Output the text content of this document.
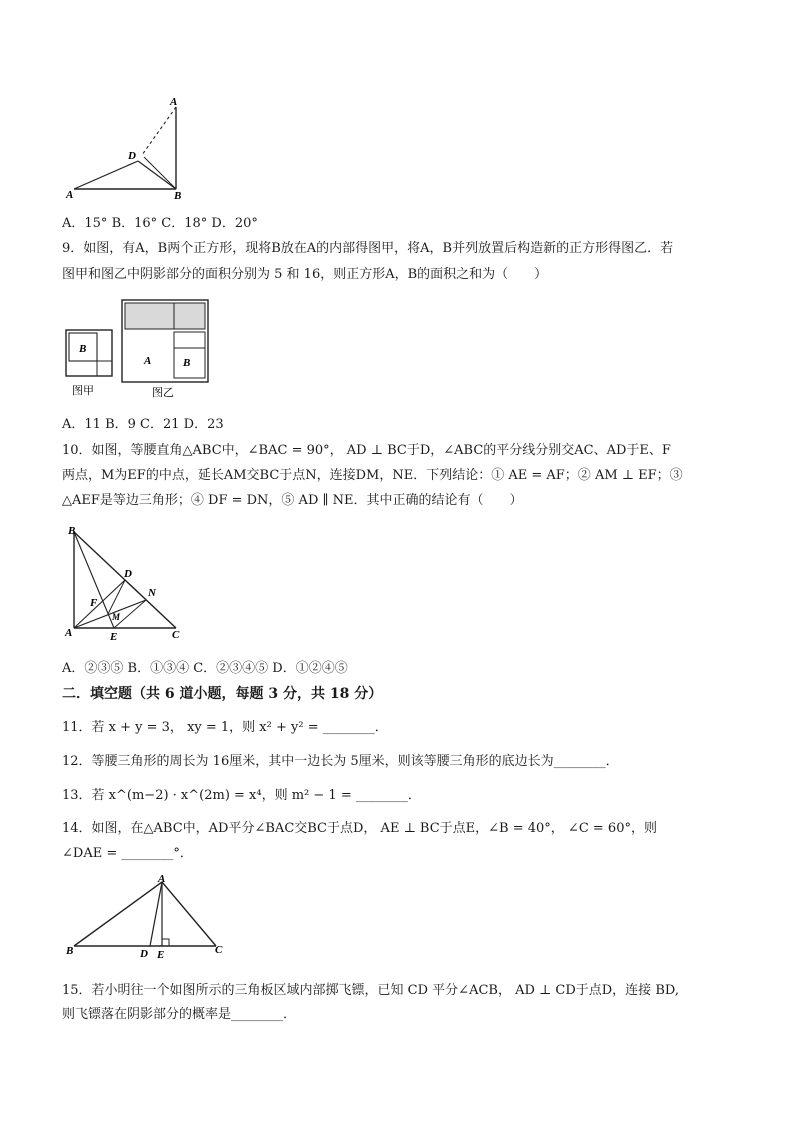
A
D
A	B
A．15° B．16° C．18° D．20°
9．如图，有A，B两个正方形，现将B放在A的内部得图甲，将A，B并列放置后构造新的正方形得图乙．若
图甲和图乙中阴影部分的面积分别为 5 和 16，则正方形A，B的面积之和为（　　）
B
图甲
A	B
图乙
A．11 B．9 C．21 D．23
10．如图，等腰直角△ABC中，∠BAC = 90°， AD ⊥ BC于D，∠ABC的平分线分别交AC、AD于E、F
两点，M为EF的中点，延长AM交BC于点N，连接DM，NE．下列结论：① AE = AF；② AM ⊥ EF；③
△AEF是等边三角形；④ DF = DN，⑤ AD ∥ NE．其中正确的结论有（　　）
B
D
N
F
M
A	E	C
A．②③⑤ B．①③④ C．②③④⑤ D．①②④⑤
二．填空题（共 6 道小题，每题 3 分，共 18 分）
11．若 x + y = 3， xy = 1，则 x² + y² = ________．
12．等腰三角形的周长为 16厘米，其中一边长为 5厘米，则该等腰三角形的底边长为________．
13．若 x^(m−2) · x^(2m) = x⁴，则 m² − 1 = ________．
14．如图，在△ABC中，AD平分∠BAC交BC于点D， AE ⊥ BC于点E，∠B = 40°， ∠C = 60°，则
∠DAE = ________°．
A
B	D E	C
15．若小明往一个如图所示的三角板区域内部掷飞镖，已知 CD 平分∠ACB， AD ⊥ CD于点D，连接 BD,
则飞镖落在阴影部分的概率是________．
